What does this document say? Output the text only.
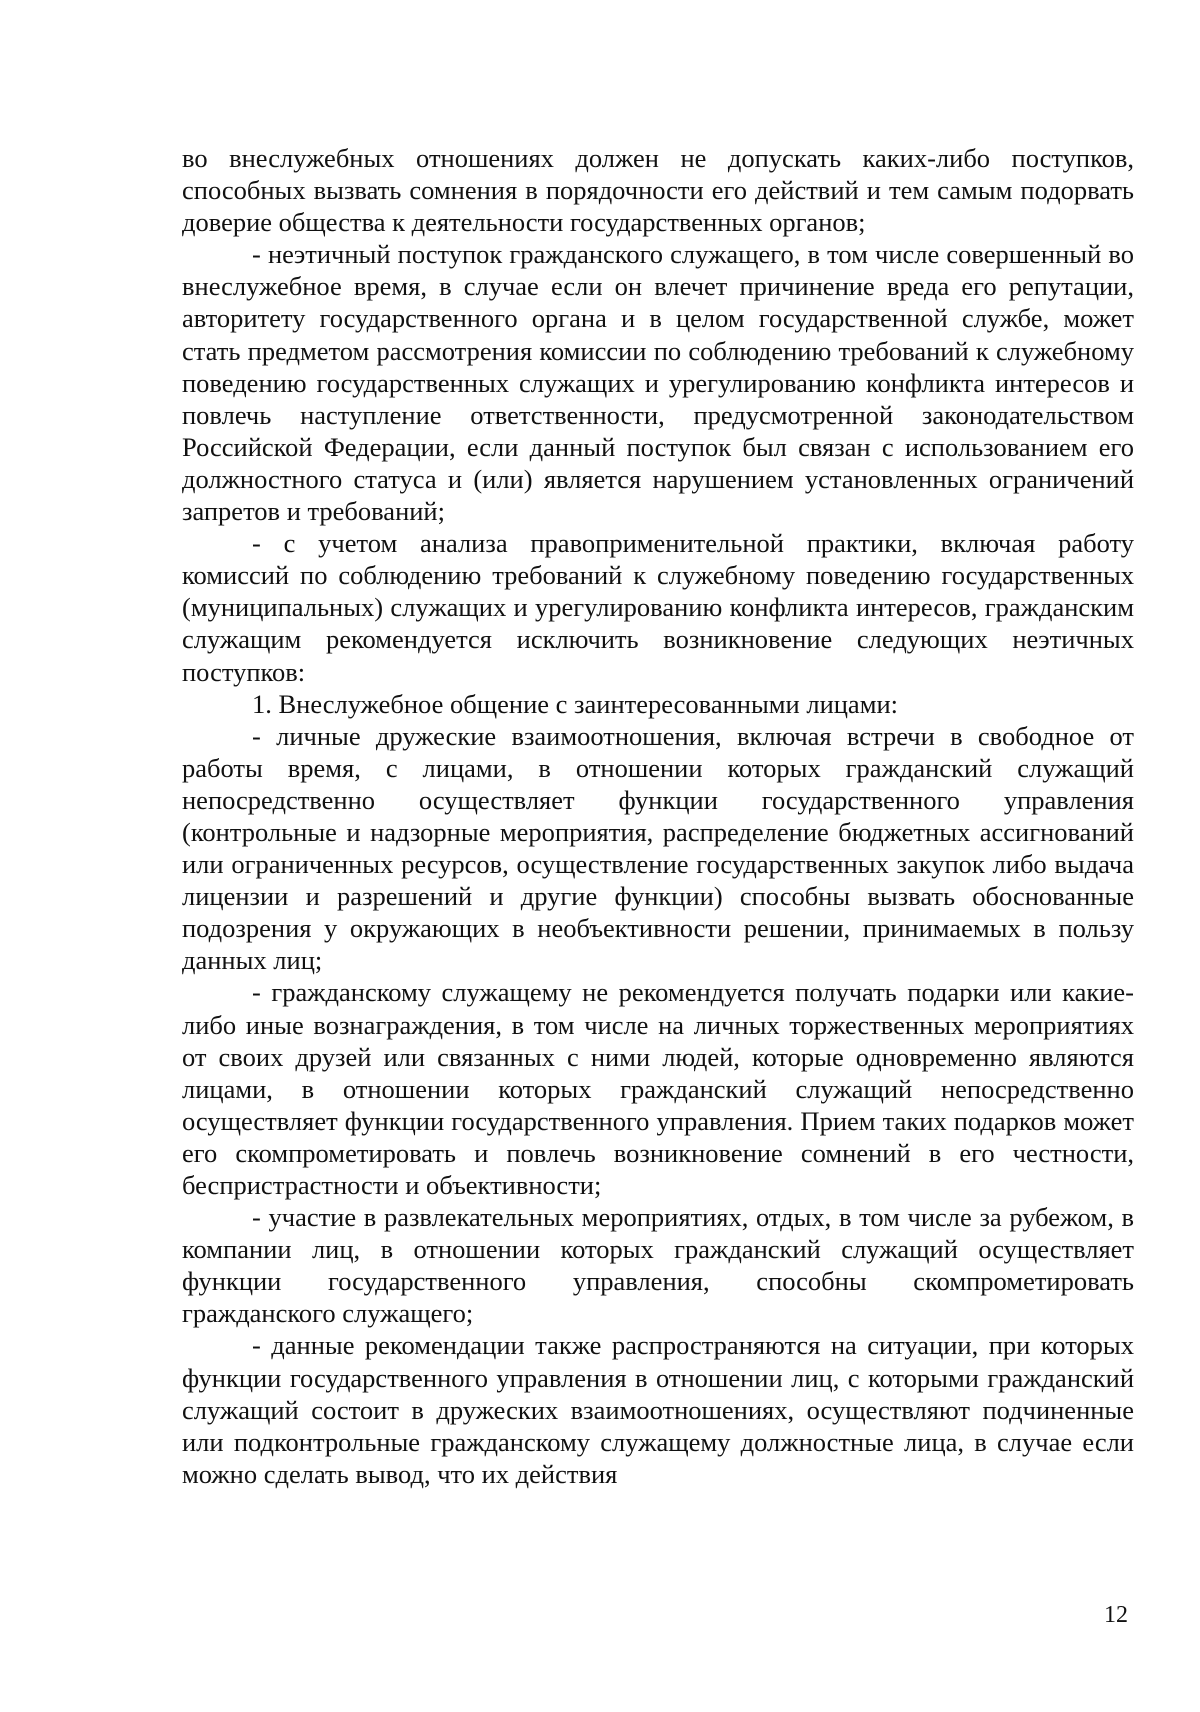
во внеслужебных отношениях должен не допускать каких-либо поступков, способных вызвать сомнения в порядочности его действий и тем самым подорвать доверие общества к деятельности государственных органов;

- неэтичный поступок гражданского служащего, в том числе совершенный во внеслужебное время, в случае если он влечет причинение вреда его репутации, авторитету государственного органа и в целом государственной службе, может стать предметом рассмотрения комиссии по соблюдению требований к служебному поведению государственных служащих и урегулированию конфликта интересов и повлечь наступление ответственности, предусмотренной законодательством Российской Федерации, если данный поступок был связан с использованием его должностного статуса и (или) является нарушением установленных ограничений запретов и требований;

- с учетом анализа правоприменительной практики, включая работу комиссий по соблюдению требований к служебному поведению государственных (муниципальных) служащих и урегулированию конфликта интересов, гражданским служащим рекомендуется исключить возникновение следующих неэтичных поступков:

1. Внеслужебное общение с заинтересованными лицами:

- личные дружеские взаимоотношения, включая встречи в свободное от работы время, с лицами, в отношении которых гражданский служащий непосредственно осуществляет функции государственного управления (контрольные и надзорные мероприятия, распределение бюджетных ассигнований или ограниченных ресурсов, осуществление государственных закупок либо выдача лицензии и разрешений и другие функции) способны вызвать обоснованные подозрения у окружающих в необъективности решении, принимаемых в пользу данных лиц;

- гражданскому служащему не рекомендуется получать подарки или какие-либо иные вознаграждения, в том числе на личных торжественных мероприятиях от своих друзей или связанных с ними людей, которые одновременно являются лицами, в отношении которых гражданский служащий непосредственно осуществляет функции государственного управления. Прием таких подарков может его скомпрометировать и повлечь возникновение сомнений в его честности, беспристрастности и объективности;

- участие в развлекательных мероприятиях, отдых, в том числе за рубежом, в компании лиц, в отношении которых гражданский служащий осуществляет функции государственного управления, способны скомпрометировать гражданского служащего;

- данные рекомендации также распространяются на ситуации, при которых функции государственного управления в отношении лиц, с которыми гражданский служащий состоит в дружеских взаимоотношениях, осуществляют подчиненные или подконтрольные гражданскому служащему должностные лица, в случае если можно сделать вывод, что их действия

12
